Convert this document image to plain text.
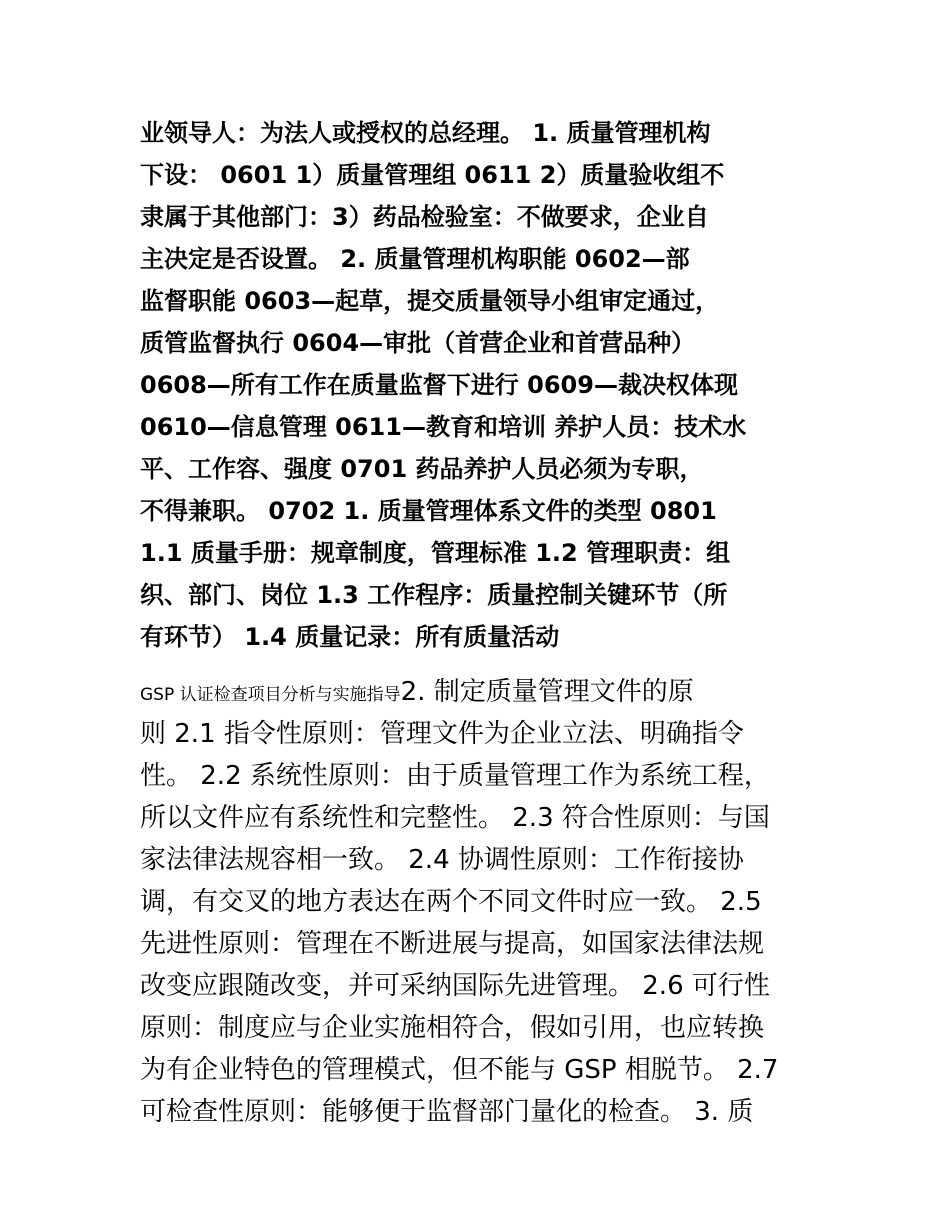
业领导人：为法人或授权的总经理。 1. 质量管理机构
下设： 0601 1）质量管理组 0611 2）质量验收组不
隶属于其他部门：3）药品检验室：不做要求，企业自
主决定是否设置。 2. 质量管理机构职能 0602—部
监督职能 0603—起草，提交质量领导小组审定通过，
质管监督执行 0604—审批（首营企业和首营品种）
0608—所有工作在质量监督下进行 0609—裁决权体现
0610—信息管理 0611—教育和培训 养护人员：技术水
平、工作容、强度 0701 药品养护人员必须为专职，
不得兼职。 0702 1. 质量管理体系文件的类型 0801
1.1 质量手册：规章制度，管理标准 1.2 管理职责：组
织、部门、岗位 1.3 工作程序：质量控制关键环节（所
有环节） 1.4 质量记录：所有质量活动
GSP 认证检查项目分析与实施指导2. 制定质量管理文件的原
则 2.1 指令性原则：管理文件为企业立法、明确指令
性。 2.2 系统性原则：由于质量管理工作为系统工程，
所以文件应有系统性和完整性。 2.3 符合性原则：与国
家法律法规容相一致。 2.4 协调性原则：工作衔接协
调，有交叉的地方表达在两个不同文件时应一致。 2.5
先进性原则：管理在不断进展与提高，如国家法律法规
改变应跟随改变，并可采纳国际先进管理。 2.6 可行性
原则：制度应与企业实施相符合，假如引用，也应转换
为有企业特色的管理模式，但不能与 GSP 相脱节。 2.7
可检查性原则：能够便于监督部门量化的检查。 3. 质
